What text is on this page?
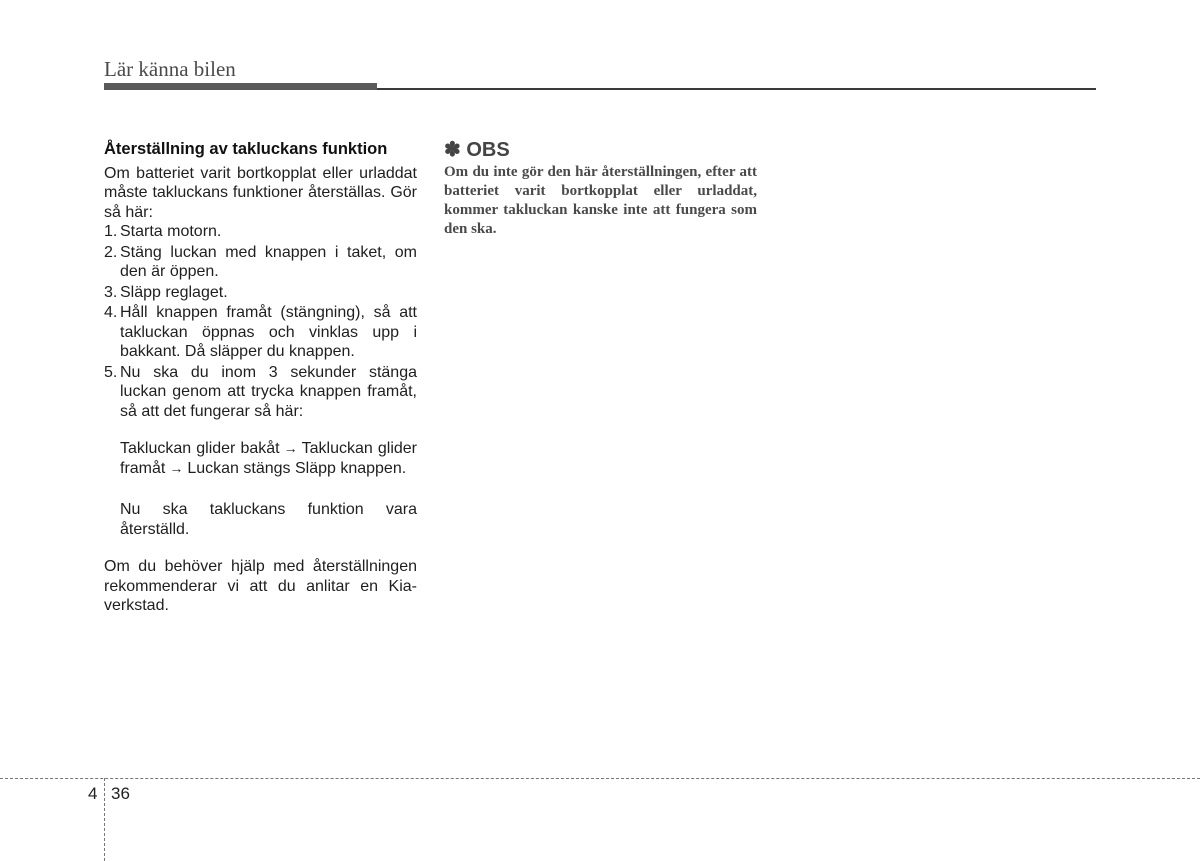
Lär känna bilen
Återställning av takluckans funktion

Om batteriet varit bortkopplat eller urladdat måste takluckans funktioner återställas. Gör så här:

1. Starta motorn.
2. Stäng luckan med knappen i taket, om den är öppen.
3. Släpp reglaget.
4. Håll knappen framåt (stängning), så att takluckan öppnas och vinklas upp i bakkant. Då släpper du knappen.
5. Nu ska du inom 3 sekunder stänga luckan genom att trycka knappen framåt, så att det fungerar så här:

Takluckan glider bakåt → Takluckan glider framåt → Luckan stängs Släpp knappen.

Nu ska takluckans funktion vara återställd.

Om du behöver hjälp med återställningen rekommenderar vi att du anlitar en Kia-verkstad.

✽ OBS

Om du inte gör den här återställningen, efter att batteriet varit bortkopplat eller urladdat, kommer takluckan kanske inte att fungera som den ska.

4 36
